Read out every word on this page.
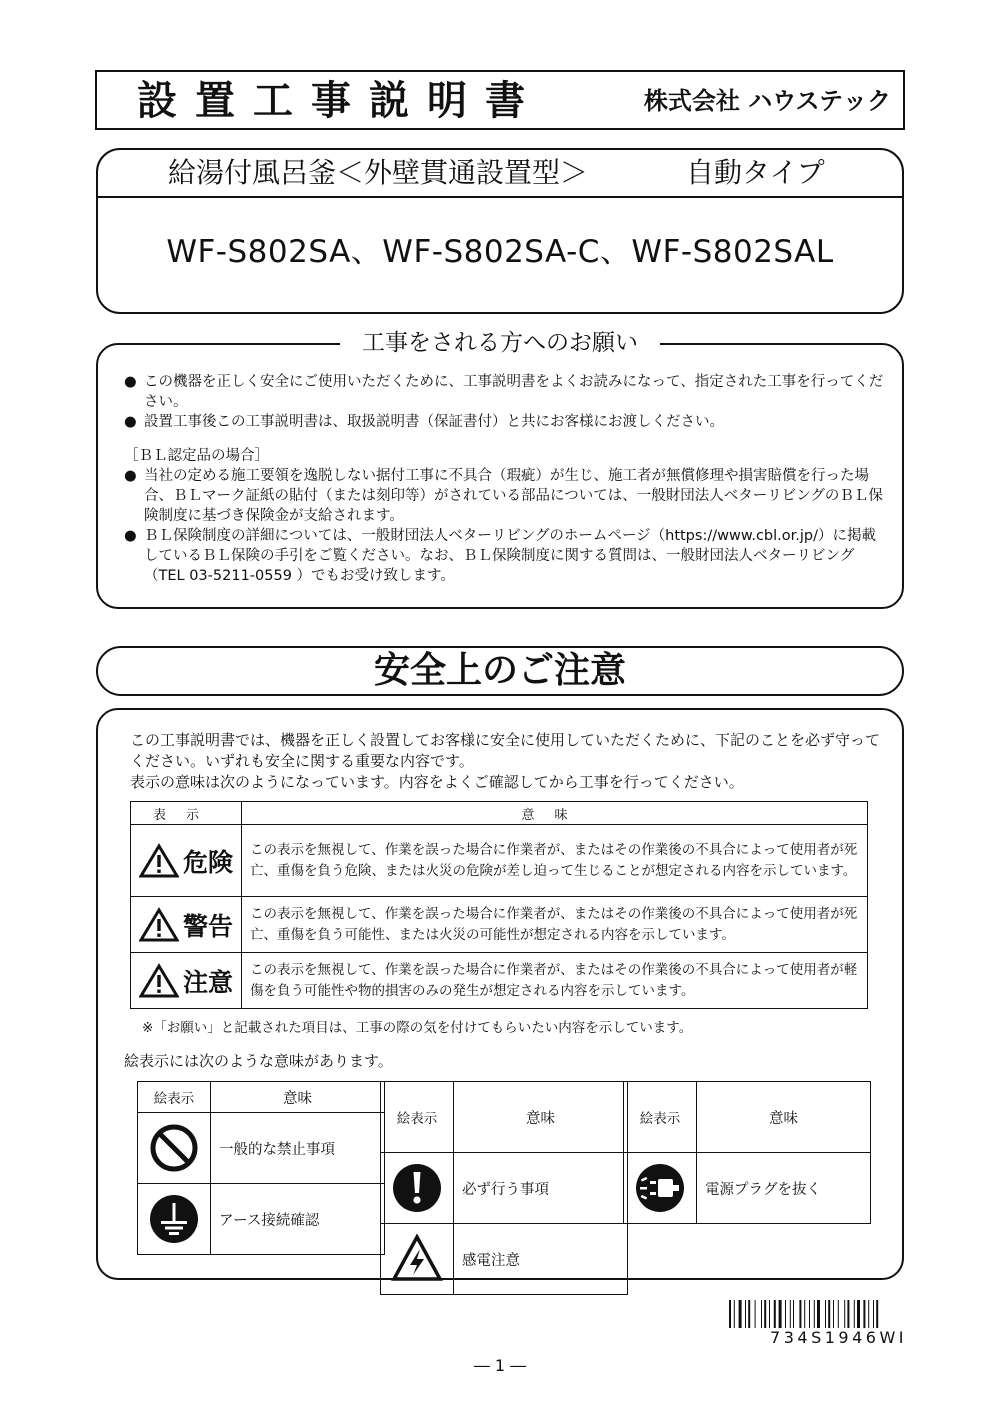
設置工事説明書	株式会社 ハウステック
給湯付風呂釜＜外壁貫通設置型＞	自動タイプ
WF-S802SA、WF-S802SA-C、WF-S802SAL
工事をされる方へのお願い
● この機器を正しく安全にご使用いただくために、工事説明書をよくお読みになって、指定された工事を行ってください。
● 設置工事後この工事説明書は、取扱説明書（保証書付）と共にお客様にお渡しください。
［ＢＬ認定品の場合］
● 当社の定める施工要領を逸脱しない据付工事に不具合（瑕疵）が生じ、施工者が無償修理や損害賠償を行った場合、ＢＬマーク証紙の貼付（または刻印等）がされている部品については、一般財団法人ベターリビングのＢＬ保険制度に基づき保険金が支給されます。
● ＢＬ保険制度の詳細については、一般財団法人ベターリビングのホームページ（https://www.cbl.or.jp/）に掲載しているＢＬ保険の手引をご覧ください。なお、ＢＬ保険制度に関する質問は、一般財団法人ベターリビング（TEL 03-5211-0559 ）でもお受け致します。
安全上のご注意
この工事説明書では、機器を正しく設置してお客様に安全に使用していただくために、下記のことを必ず守ってください。いずれも安全に関する重要な内容です。
表示の意味は次のようになっています。内容をよくご確認してから工事を行ってください。
表示	意味

危険	この表示を無視して、作業を誤った場合に作業者が、またはその作業後の不具合によって使用者が死亡、重傷を負う危険、または火災の危険が差し迫って生じることが想定される内容を示しています。

警告	この表示を無視して、作業を誤った場合に作業者が、またはその作業後の不具合によって使用者が死亡、重傷を負う可能性、または火災の可能性が想定される内容を示しています。

注意	この表示を無視して、作業を誤った場合に作業者が、またはその作業後の不具合によって使用者が軽傷を負う可能性や物的損害のみの発生が想定される内容を示しています。
※「お願い」と記載された項目は、工事の際の気を付けてもらいたい内容を示しています。
絵表示には次のような意味があります。
絵表示	意味

	一般的な禁止事項

	アース接続確認
絵表示	意味

	必ず行う事項

	感電注意
絵表示	意味

	電源プラグを抜く
734S1946WI
― 1 ―
